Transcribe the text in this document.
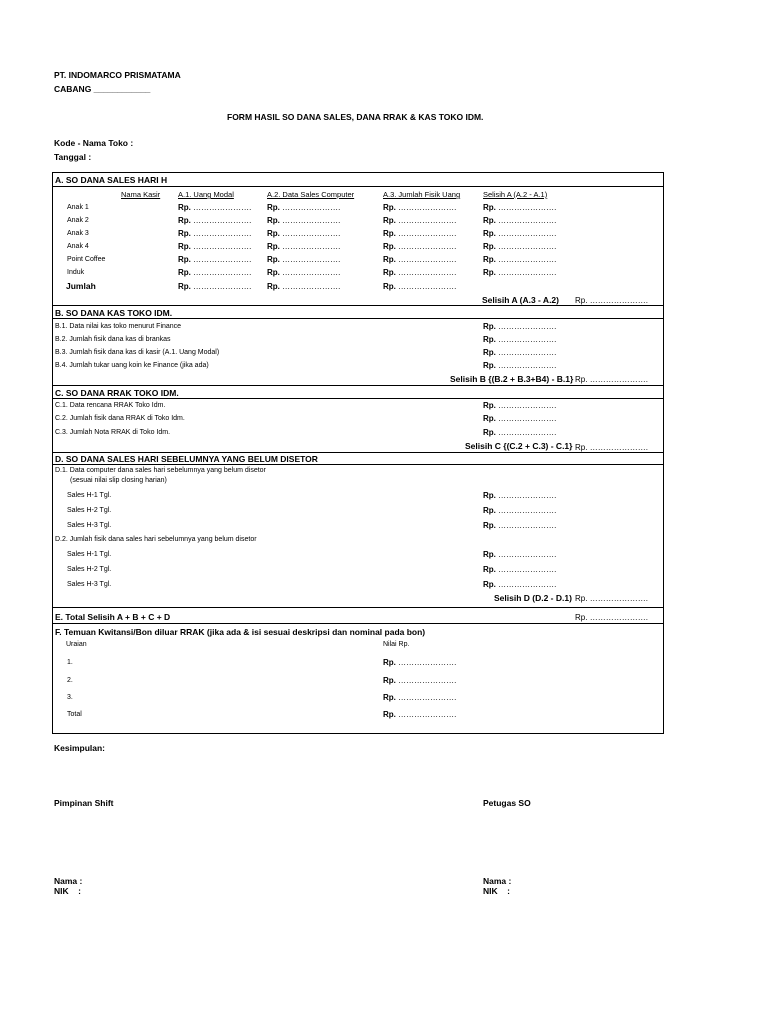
PT. INDOMARCO PRISMATAMA
CABANG ____________
FORM HASIL SO DANA SALES, DANA RRAK & KAS TOKO IDM.
Kode - Nama Toko :
Tanggal :
A. SO DANA SALES HARI H
Nama Kasir A.1. Uang Modal	A.2. Data Sales Computer	A.3. Jumlah Fisik Uang	Selisih A (A.2 - A.1)
Anak 1	Rp. …………………. Rp. ………………….	Rp. ………………….	Rp. ………………….
Anak 2	Rp. …………………. Rp. ………………….	Rp. ………………….	Rp. ………………….
Anak 3	Rp. …………………. Rp. ………………….	Rp. ………………….	Rp. ………………….
Anak 4	Rp. …………………. Rp. ………………….	Rp. ………………….	Rp. ………………….
Point Coffee	Rp. …………………. Rp. ………………….	Rp. ………………….	Rp. ………………….
Induk	Rp. …………………. Rp. ………………….	Rp. ………………….	Rp. ………………….
Jumlah	Rp. …………………. Rp. ………………….	Rp. ………………….
Selisih A (A.3 - A.2) Rp. ………………….
B. SO DANA KAS TOKO IDM.
B.1. Data nilai kas toko menurut Finance	Rp. ………………….
B.2. Jumlah fisik dana kas di brankas	Rp. ………………….
B.3. Jumlah fisik dana kas di kasir (A.1. Uang Modal)	Rp. ………………….
B.4. Jumlah tukar uang koin ke Finance (jika ada)	Rp. ………………….
Selisih B {(B.2 + B.3+B4) - B.1} Rp. ………………….
C. SO DANA RRAK TOKO IDM.
C.1. Data rencana RRAK Toko Idm.	Rp. ………………….
C.2. Jumlah fisik dana RRAK di Toko Idm.	Rp. ………………….
C.3. Jumlah Nota RRAK di Toko Idm.	Rp. ………………….
Selisih C {(C.2 + C.3) - C.1} Rp. ………………….
D. SO DANA SALES HARI SEBELUMNYA YANG BELUM DISETOR
D.1. Data computer dana sales hari sebelumnya yang belum disetor
(sesuai nilai slip closing harian)
Sales H-1 Tgl.	Rp. ………………….
Sales H-2 Tgl.	Rp. ………………….
Sales H-3 Tgl.	Rp. ………………….
D.2. Jumlah fisik dana sales hari sebelumnya yang belum disetor
Sales H-1 Tgl.	Rp. ………………….
Sales H-2 Tgl.	Rp. ………………….
Sales H-3 Tgl.	Rp. ………………….
Selisih D (D.2 - D.1) Rp. ………………….
E. Total Selisih A + B + C + D	Rp. ………………….
F. Temuan Kwitansi/Bon diluar RRAK (jika ada & isi sesuai deskripsi dan nominal pada bon)
Uraian	Nilai Rp.
1.	Rp. ………………….
2.	Rp. ………………….
3.	Rp. ………………….
Total	Rp. ………………….
Kesimpulan:
Pimpinan Shift	Petugas SO
Nama :
NIK    :
Nama :
NIK    :
